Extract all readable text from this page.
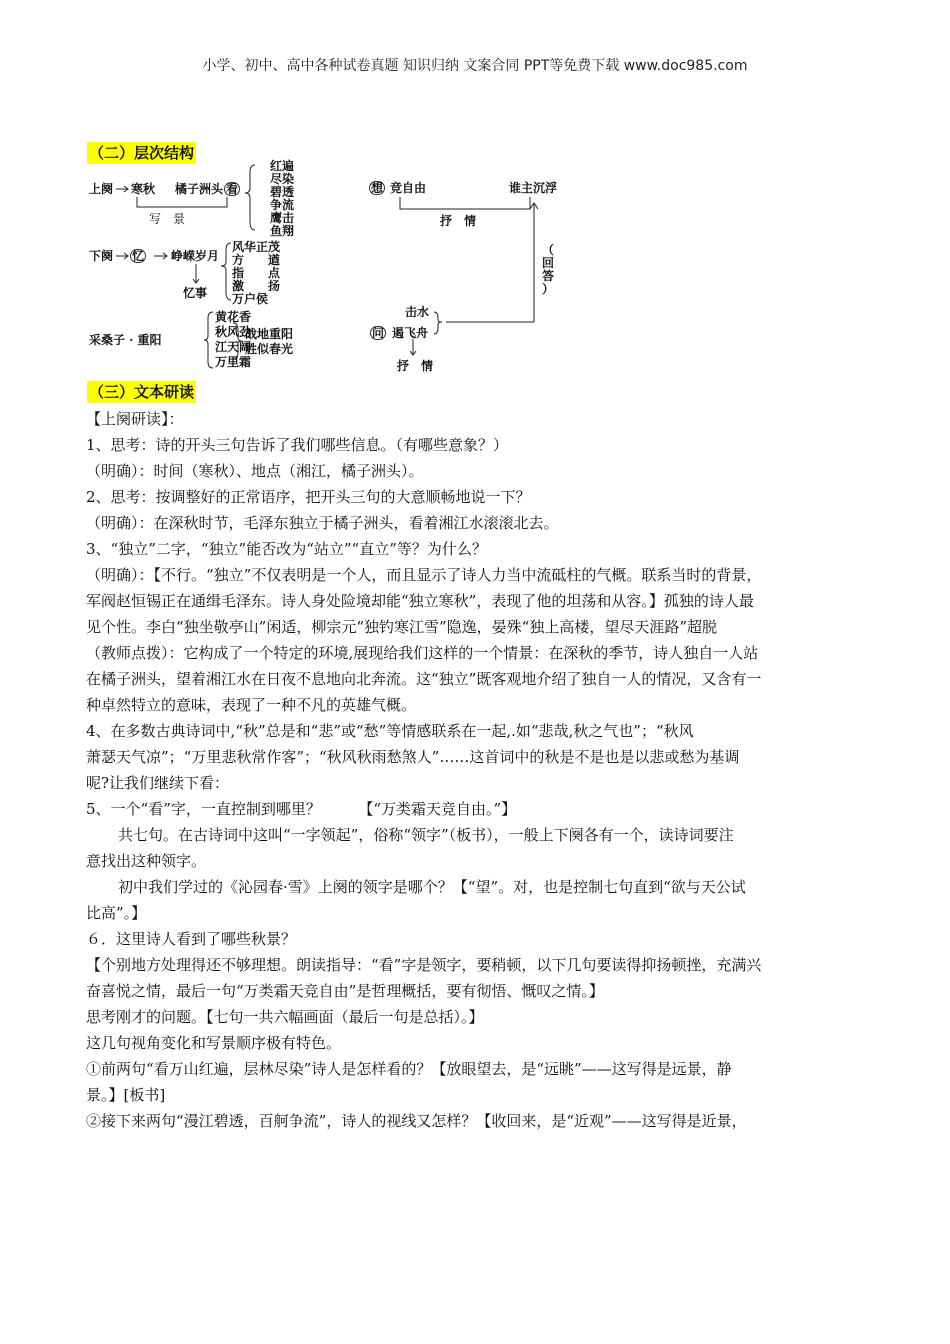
小学、初中、高中各种试卷真题 知识归纳 文案合同 PPT等免费下载 www.doc985.com
（二）层次结构
上阕 寒秋 橘子洲头 看
写　景
红遍
尽染
碧透
争流
鹰击
鱼翔
下阕 忆 峥嵘岁月
忆事
风华正茂
方
指
激
万户侯
遒
点
扬
采桑子 · 重阳
黄花香
秋风劲
江天阔
万里霜
战地重阳
胜似春光
想 竞自由	谁主沉浮
抒　情
（
回
答
）
击水
问 遏飞舟
抒　情
（三）文本研读
【上阕研读】：
1、思考：诗的开头三句告诉了我们哪些信息。（有哪些意象？）
（明确）：时间（寒秋）、地点（湘江，橘子洲头）。
2、思考：按调整好的正常语序，把开头三句的大意顺畅地说一下？
（明确）：在深秋时节，毛泽东独立于橘子洲头，看着湘江水滚滚北去。
3、“独立”二字，“独立”能否改为“站立”“直立”等？为什么？
（明确）：【不行。“独立”不仅表明是一个人，而且显示了诗人力当中流砥柱的气概。联系当时的背景，
军阀赵恒锡正在通缉毛泽东。诗人身处险境却能“独立寒秋”，表现了他的坦荡和从容。】孤独的诗人最
见个性。李白“独坐敬亭山”闲适，柳宗元“独钓寒江雪”隐逸，晏殊“独上高楼，望尽天涯路”超脱
（教师点拨）：它构成了一个特定的环境,展现给我们这样的一个情景：在深秋的季节，诗人独自一人站
在橘子洲头，望着湘江水在日夜不息地向北奔流。这“独立”既客观地介绍了独自一人的情况，又含有一
种卓然特立的意味，表现了一种不凡的英雄气概。
4、在多数古典诗词中,“秋”总是和“悲”或“愁”等情感联系在一起,.如“悲哉,秋之气也”；“秋风
萧瑟天气凉”；“万里悲秋常作客”；“秋风秋雨愁煞人”……这首词中的秋是不是也是以悲或愁为基调
呢?让我们继续下看：
5、一个“看”字，一直控制到哪里？　　　【“万类霜天竞自由。”】
共七句。在古诗词中这叫“一字领起”，俗称“领字”（板书），一般上下阕各有一个，读诗词要注
意找出这种领字。
初中我们学过的《沁园春·雪》上阕的领字是哪个？【“望”。对，也是控制七句直到“欲与天公试
比高”。】
６．这里诗人看到了哪些秋景？
【个别地方处理得还不够理想。朗读指导：“看”字是领字，要稍顿，以下几句要读得抑扬顿挫，充满兴
奋喜悦之情，最后一句“万类霜天竞自由”是哲理概括，要有彻悟、慨叹之情。】
思考刚才的问题。【七句一共六幅画面（最后一句是总括）。】
这几句视角变化和写景顺序极有特色。
①前两句“看万山红遍，层林尽染”诗人是怎样看的？【放眼望去，是“远眺”——这写得是远景，静
景。】[板书]
②接下来两句“漫江碧透，百舸争流”，诗人的视线又怎样？【收回来，是“近观”——这写得是近景，
